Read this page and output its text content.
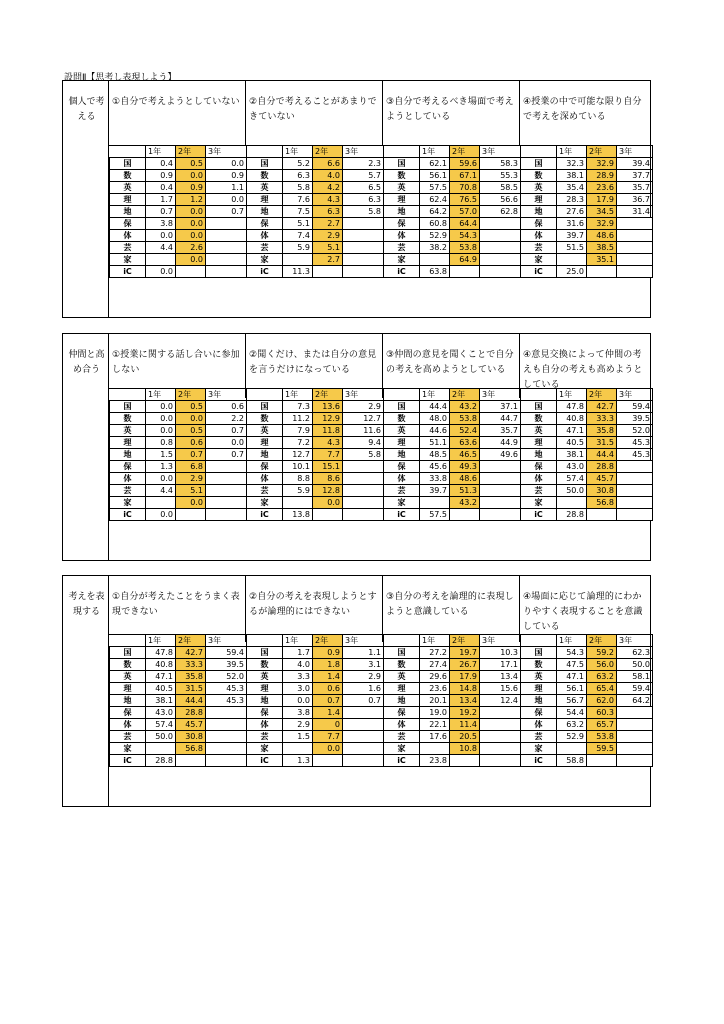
設問Ⅱ【思考し表現しよう】
個人で考える
①自分で考えようとしていない
	1年	2年	3年
国	0.4	0.5	0.0
数	0.9	0.0	0.9
英	0.4	0.9	1.1
理	1.7	1.2	0.0
地	0.7	0.0	0.7
保	3.8	0.0	
体	0.0	0.0	
芸	4.4	2.6	
家		0.0	
iC	0.0		
②自分で考えることがあまりできていない
	1年	2年	3年
国	5.2	6.6	2.3
数	6.3	4.0	5.7
英	5.8	4.2	6.5
理	7.6	4.3	6.3
地	7.5	6.3	5.8
保	5.1	2.7	
体	7.4	2.9	
芸	5.9	5.1	
家		2.7	
iC	11.3		
③自分で考えるべき場面で考えようとしている
	1年	2年	3年
国	62.1	59.6	58.3
数	56.1	67.1	55.3
英	57.5	70.8	58.5
理	62.4	76.5	56.6
地	64.2	57.0	62.8
保	60.8	64.4	
体	52.9	54.3	
芸	38.2	53.8	
家		64.9	
iC	63.8		
④授業の中で可能な限り自分で考えを深めている
	1年	2年	3年
国	32.3	32.9	39.4
数	38.1	28.9	37.7
英	35.4	23.6	35.7
理	28.3	17.9	36.7
地	27.6	34.5	31.4
保	31.6	32.9	
体	39.7	48.6	
芸	51.5	38.5	
家		35.1	
iC	25.0		
仲間と高め合う
①授業に関する話し合いに参加しない
	1年	2年	3年
国	0.0	0.5	0.6
数	0.0	0.0	2.2
英	0.0	0.5	0.7
理	0.8	0.6	0.0
地	1.5	0.7	0.7
保	1.3	6.8	
体	0.0	2.9	
芸	4.4	5.1	
家		0.0	
iC	0.0		
②聞くだけ、または自分の意見を言うだけになっている
	1年	2年	3年
国	7.3	13.6	2.9
数	11.2	12.9	12.7
英	7.9	11.8	11.6
理	7.2	4.3	9.4
地	12.7	7.7	5.8
保	10.1	15.1	
体	8.8	8.6	
芸	5.9	12.8	
家		0.0	
iC	13.8		
③仲間の意見を聞くことで自分の考えを高めようとしている
	1年	2年	3年
国	44.4	43.2	37.1
数	48.0	53.8	44.7
英	44.6	52.4	35.7
理	51.1	63.6	44.9
地	48.5	46.5	49.6
保	45.6	49.3	
体	33.8	48.6	
芸	39.7	51.3	
家		43.2	
iC	57.5		
④意見交換によって仲間の考えも自分の考えも高めようとしている
	1年	2年	3年
国	47.8	42.7	59.4
数	40.8	33.3	39.5
英	47.1	35.8	52.0
理	40.5	31.5	45.3
地	38.1	44.4	45.3
保	43.0	28.8	
体	57.4	45.7	
芸	50.0	30.8	
家		56.8	
iC	28.8		
考えを表現する
①自分が考えたことをうまく表現できない
	1年	2年	3年
国	47.8	42.7	59.4
数	40.8	33.3	39.5
英	47.1	35.8	52.0
理	40.5	31.5	45.3
地	38.1	44.4	45.3
保	43.0	28.8	
体	57.4	45.7	
芸	50.0	30.8	
家		56.8	
iC	28.8		
②自分の考えを表現しようとするが論理的にはできない
	1年	2年	3年
国	1.7	0.9	1.1
数	4.0	1.8	3.1
英	3.3	1.4	2.9
理	3.0	0.6	1.6
地	0.0	0.7	0.7
保	3.8	1.4	
体	2.9	0	
芸	1.5	7.7	
家		0.0	
iC	1.3		
③自分の考えを論理的に表現しようと意識している
	1年	2年	3年
国	27.2	19.7	10.3
数	27.4	26.7	17.1
英	29.6	17.9	13.4
理	23.6	14.8	15.6
地	20.1	13.4	12.4
保	19.0	19.2	
体	22.1	11.4	
芸	17.6	20.5	
家		10.8	
iC	23.8		
④場面に応じて論理的にわかりやすく表現することを意識している
	1年	2年	3年
国	54.3	59.2	62.3
数	47.5	56.0	50.0
英	47.1	63.2	58.1
理	56.1	65.4	59.4
地	56.7	62.0	64.2
保	54.4	60.3	
体	63.2	65.7	
芸	52.9	53.8	
家		59.5	
iC	58.8		
